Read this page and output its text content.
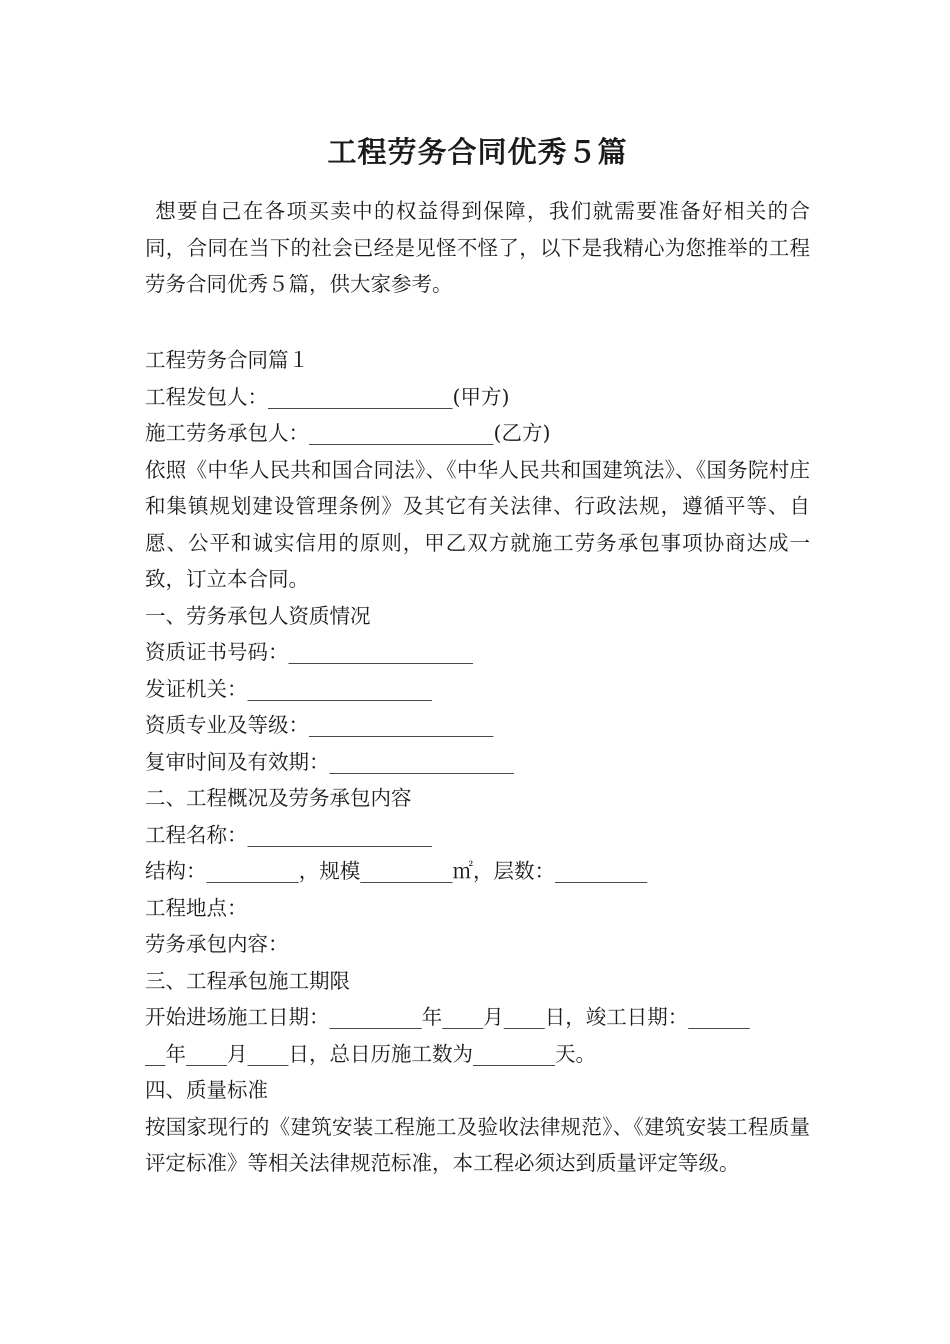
工程劳务合同优秀５篇
想要自己在各项买卖中的权益得到保障，我们就需要准备好相关的合同，合同在当下的社会已经是见怪不怪了，以下是我精心为您推举的工程劳务合同优秀５篇，供大家参考。
工程劳务合同篇１
工程发包人：__________________(甲方)
施工劳务承包人：__________________(乙方)
依照《中华人民共和国合同法》、《中华人民共和国建筑法》、《国务院村庄和集镇规划建设管理条例》及其它有关法律、行政法规，遵循平等、自愿、公平和诚实信用的原则，甲乙双方就施工劳务承包事项协商达成一致，订立本合同。
一、劳务承包人资质情况
资质证书号码：__________________
发证机关：__________________
资质专业及等级：__________________
复审时间及有效期：__________________
二、工程概况及劳务承包内容
工程名称：__________________
结构：_________，规模_________㎡，层数：_________
工程地点：
劳务承包内容：
三、工程承包施工期限
开始进场施工日期：_________年____月____日，竣工日期：______
__年____月____日，总日历施工数为________天。
四、质量标准
按国家现行的《建筑安装工程施工及验收法律规范》、《建筑安装工程质量评定标准》等相关法律规范标准，本工程必须达到质量评定等级。
